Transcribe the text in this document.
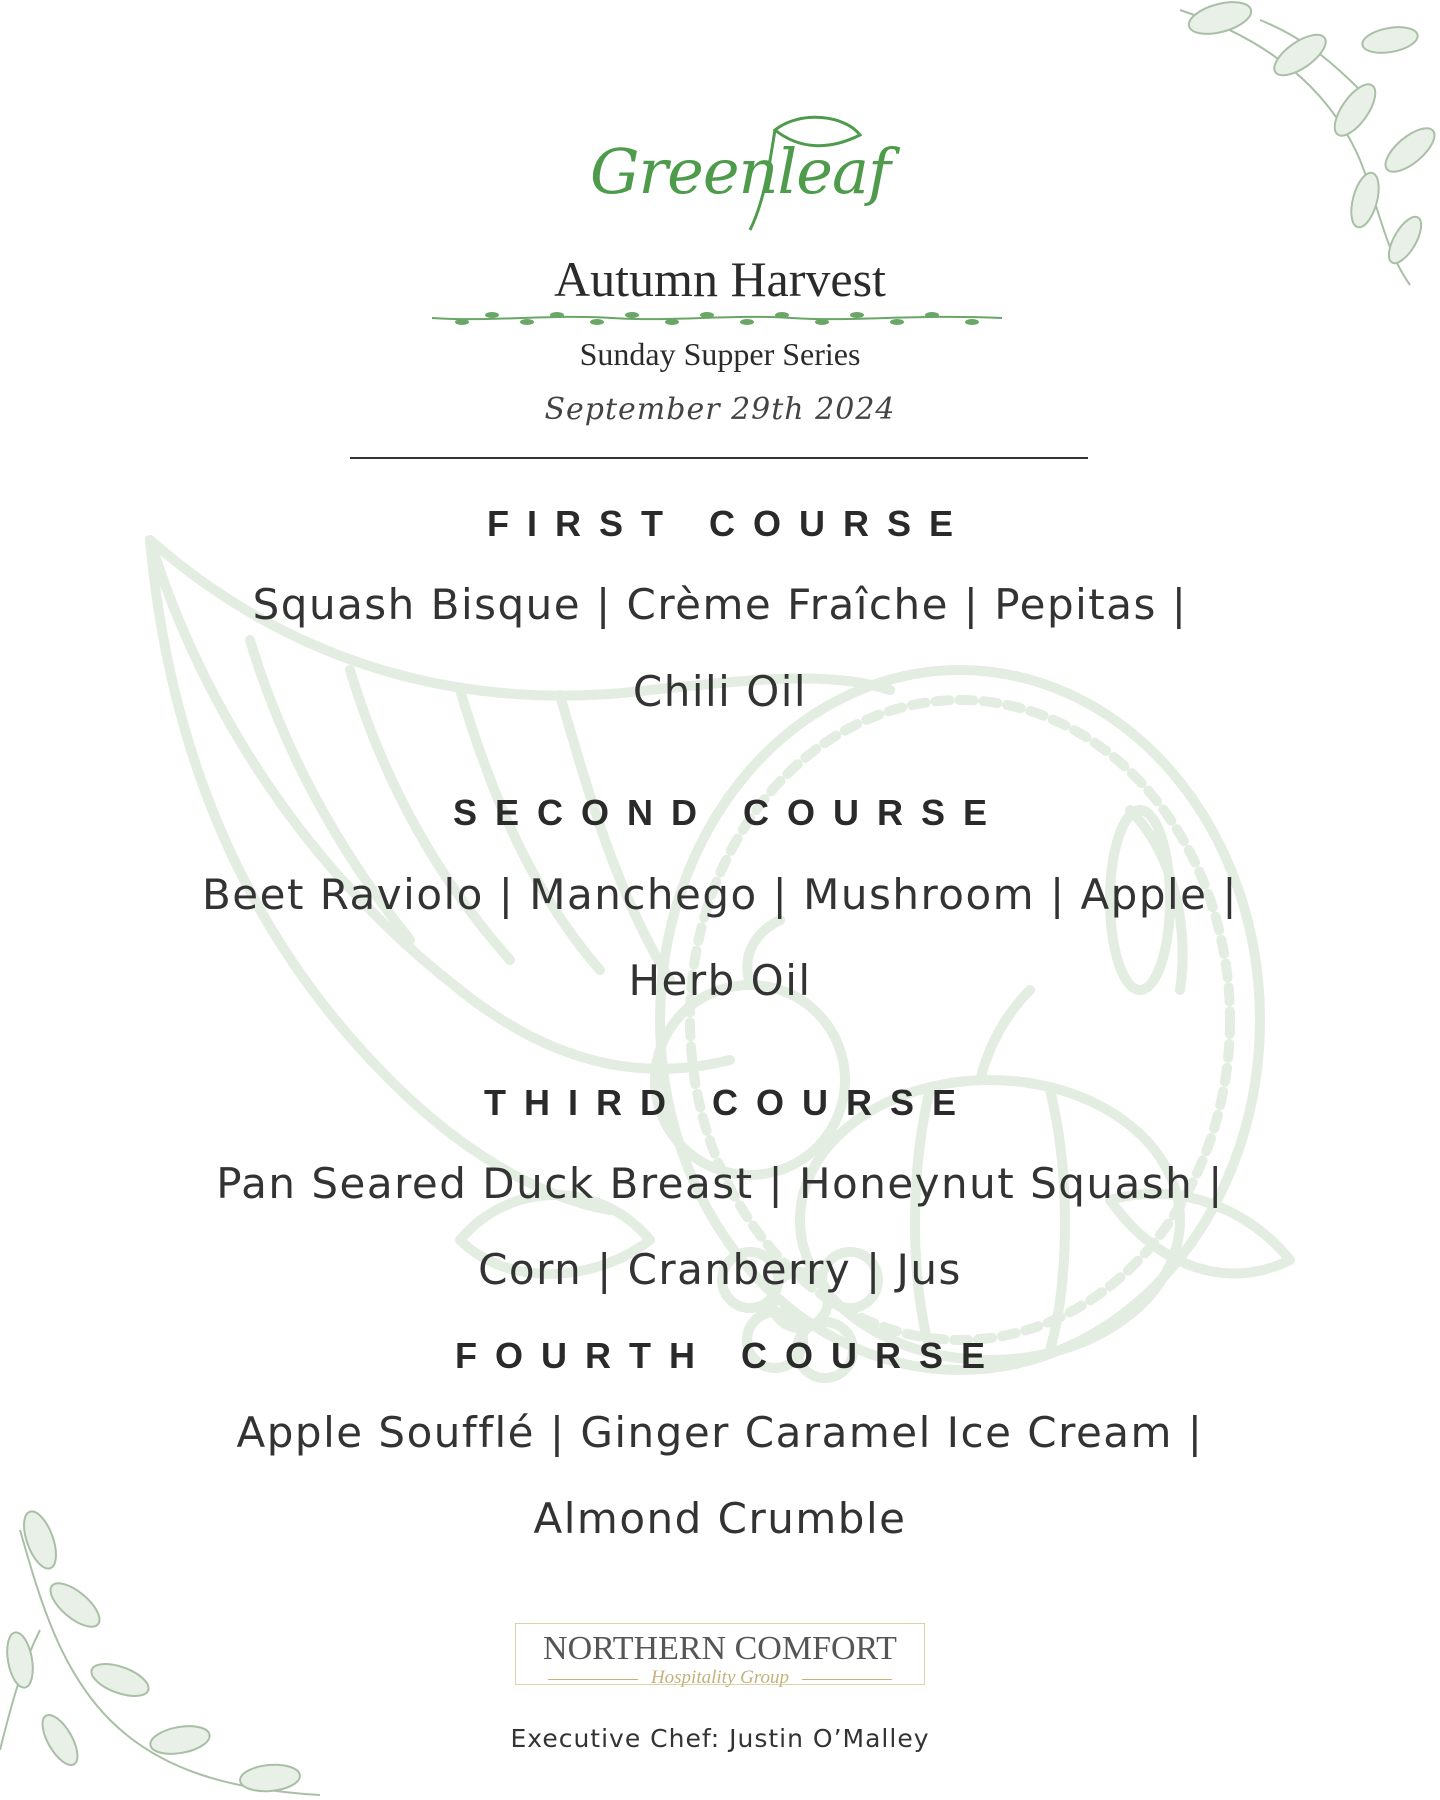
Greenleaf
Autumn Harvest
Sunday Supper Series
September 29th 2024
FIRST COURSE
Squash Bisque | Crème Fraîche | Pepitas |
Chili Oil
SECOND COURSE
Beet Raviolo | Manchego | Mushroom | Apple |
Herb Oil
THIRD COURSE
Pan Seared Duck Breast | Honeynut Squash |
Corn | Cranberry | Jus
FOURTH COURSE
Apple Soufflé | Ginger Caramel Ice Cream |
Almond Crumble
NORTHERN COMFORT
Hospitality Group
Executive Chef: Justin O’Malley
